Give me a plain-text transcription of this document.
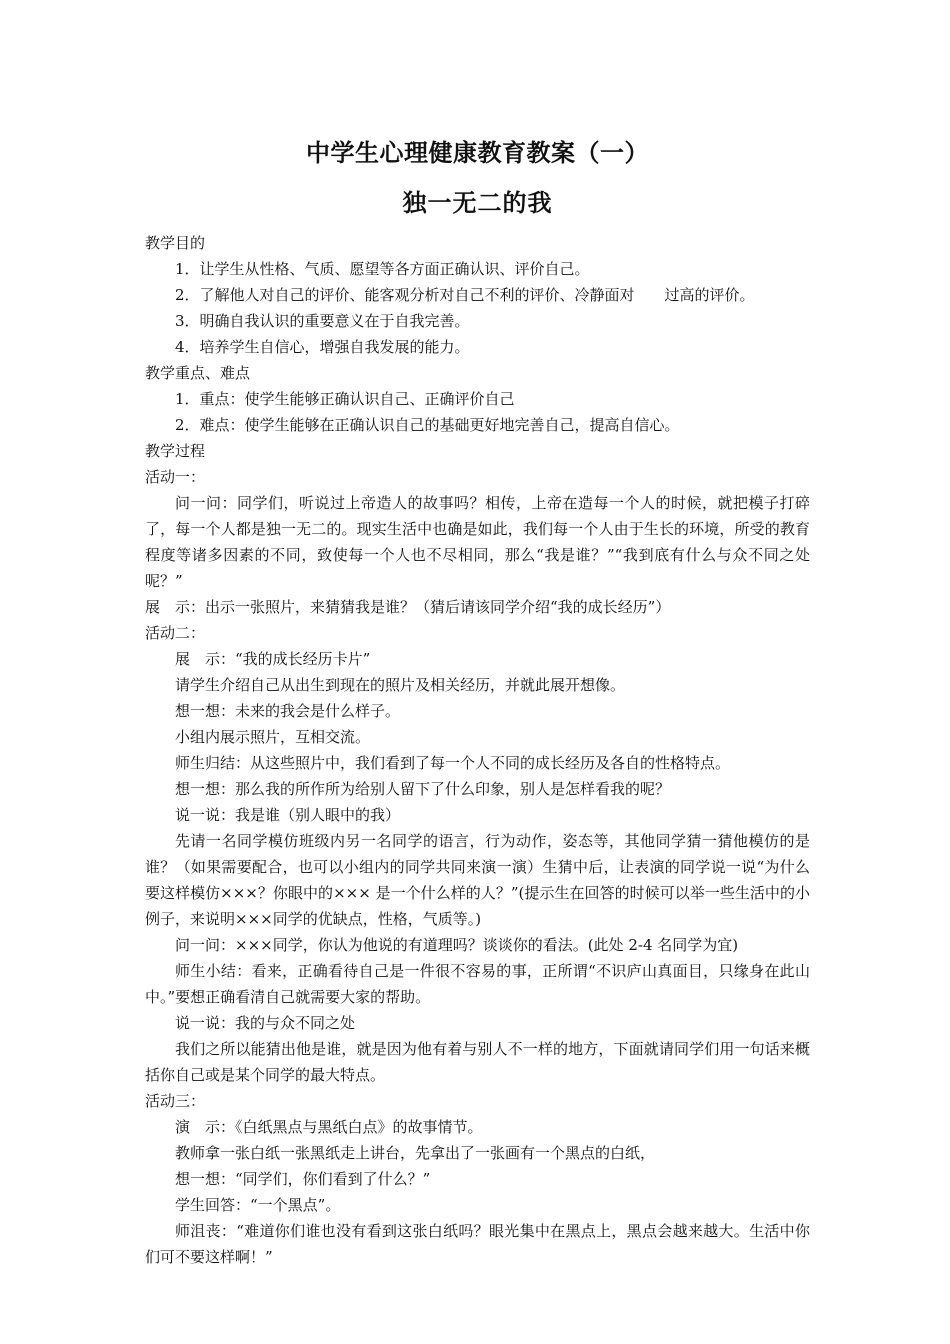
中学生心理健康教育教案（一）
独一无二的我

教学目的

1．让学生从性格、气质、愿望等各方面正确认识、评价自己。

2．了解他人对自己的评价、能客观分析对自己不利的评价、冷静面对　　过高的评价。

3．明确自我认识的重要意义在于自我完善。

4．培养学生自信心，增强自我发展的能力。

教学重点、难点

1．重点：使学生能够正确认识自己、正确评价自己

2．难点：使学生能够在正确认识自己的基础更好地完善自己，提高自信心。

教学过程

活动一：

问一问：同学们，听说过上帝造人的故事吗？相传，上帝在造每一个人的时候，就把模子打碎了，每一个人都是独一无二的。现实生活中也确是如此，我们每一个人由于生长的环境，所受的教育程度等诸多因素的不同，致使每一个人也不尽相同，那么“我是谁？”“我到底有什么与众不同之处呢？”

展　示：出示一张照片，来猜猜我是谁？（猜后请该同学介绍“我的成长经历”）

活动二：

展　示：“我的成长经历卡片”

请学生介绍自己从出生到现在的照片及相关经历，并就此展开想像。

想一想：未来的我会是什么样子。

小组内展示照片，互相交流。

师生归结：从这些照片中，我们看到了每一个人不同的成长经历及各自的性格特点。

想一想：那么我的所作所为给别人留下了什么印象，别人是怎样看我的呢？

说一说：我是谁（别人眼中的我）

先请一名同学模仿班级内另一名同学的语言，行为动作，姿态等，其他同学猜一猜他模仿的是谁？（如果需要配合，也可以小组内的同学共同来演一演）生猜中后，让表演的同学说一说“为什么要这样模仿×××？你眼中的××× 是一个什么样的人？”(提示生在回答的时候可以举一些生活中的小例子，来说明×××同学的优缺点，性格，气质等。)

问一问：×××同学，你认为他说的有道理吗？谈谈你的看法。(此处 2-4 名同学为宜)

师生小结：看来，正确看待自己是一件很不容易的事，正所谓“不识庐山真面目，只缘身在此山中。”要想正确看清自己就需要大家的帮助。

说一说：我的与众不同之处

我们之所以能猜出他是谁，就是因为他有着与别人不一样的地方，下面就请同学们用一句话来概括你自己或是某个同学的最大特点。

活动三：

演　示：《白纸黑点与黑纸白点》的故事情节。

教师拿一张白纸一张黑纸走上讲台，先拿出了一张画有一个黑点的白纸，

想一想：“同学们，你们看到了什么？”

学生回答：“一个黑点”。

师沮丧：“难道你们谁也没有看到这张白纸吗？眼光集中在黑点上，黑点会越来越大。生活中你们可不要这样啊！”
